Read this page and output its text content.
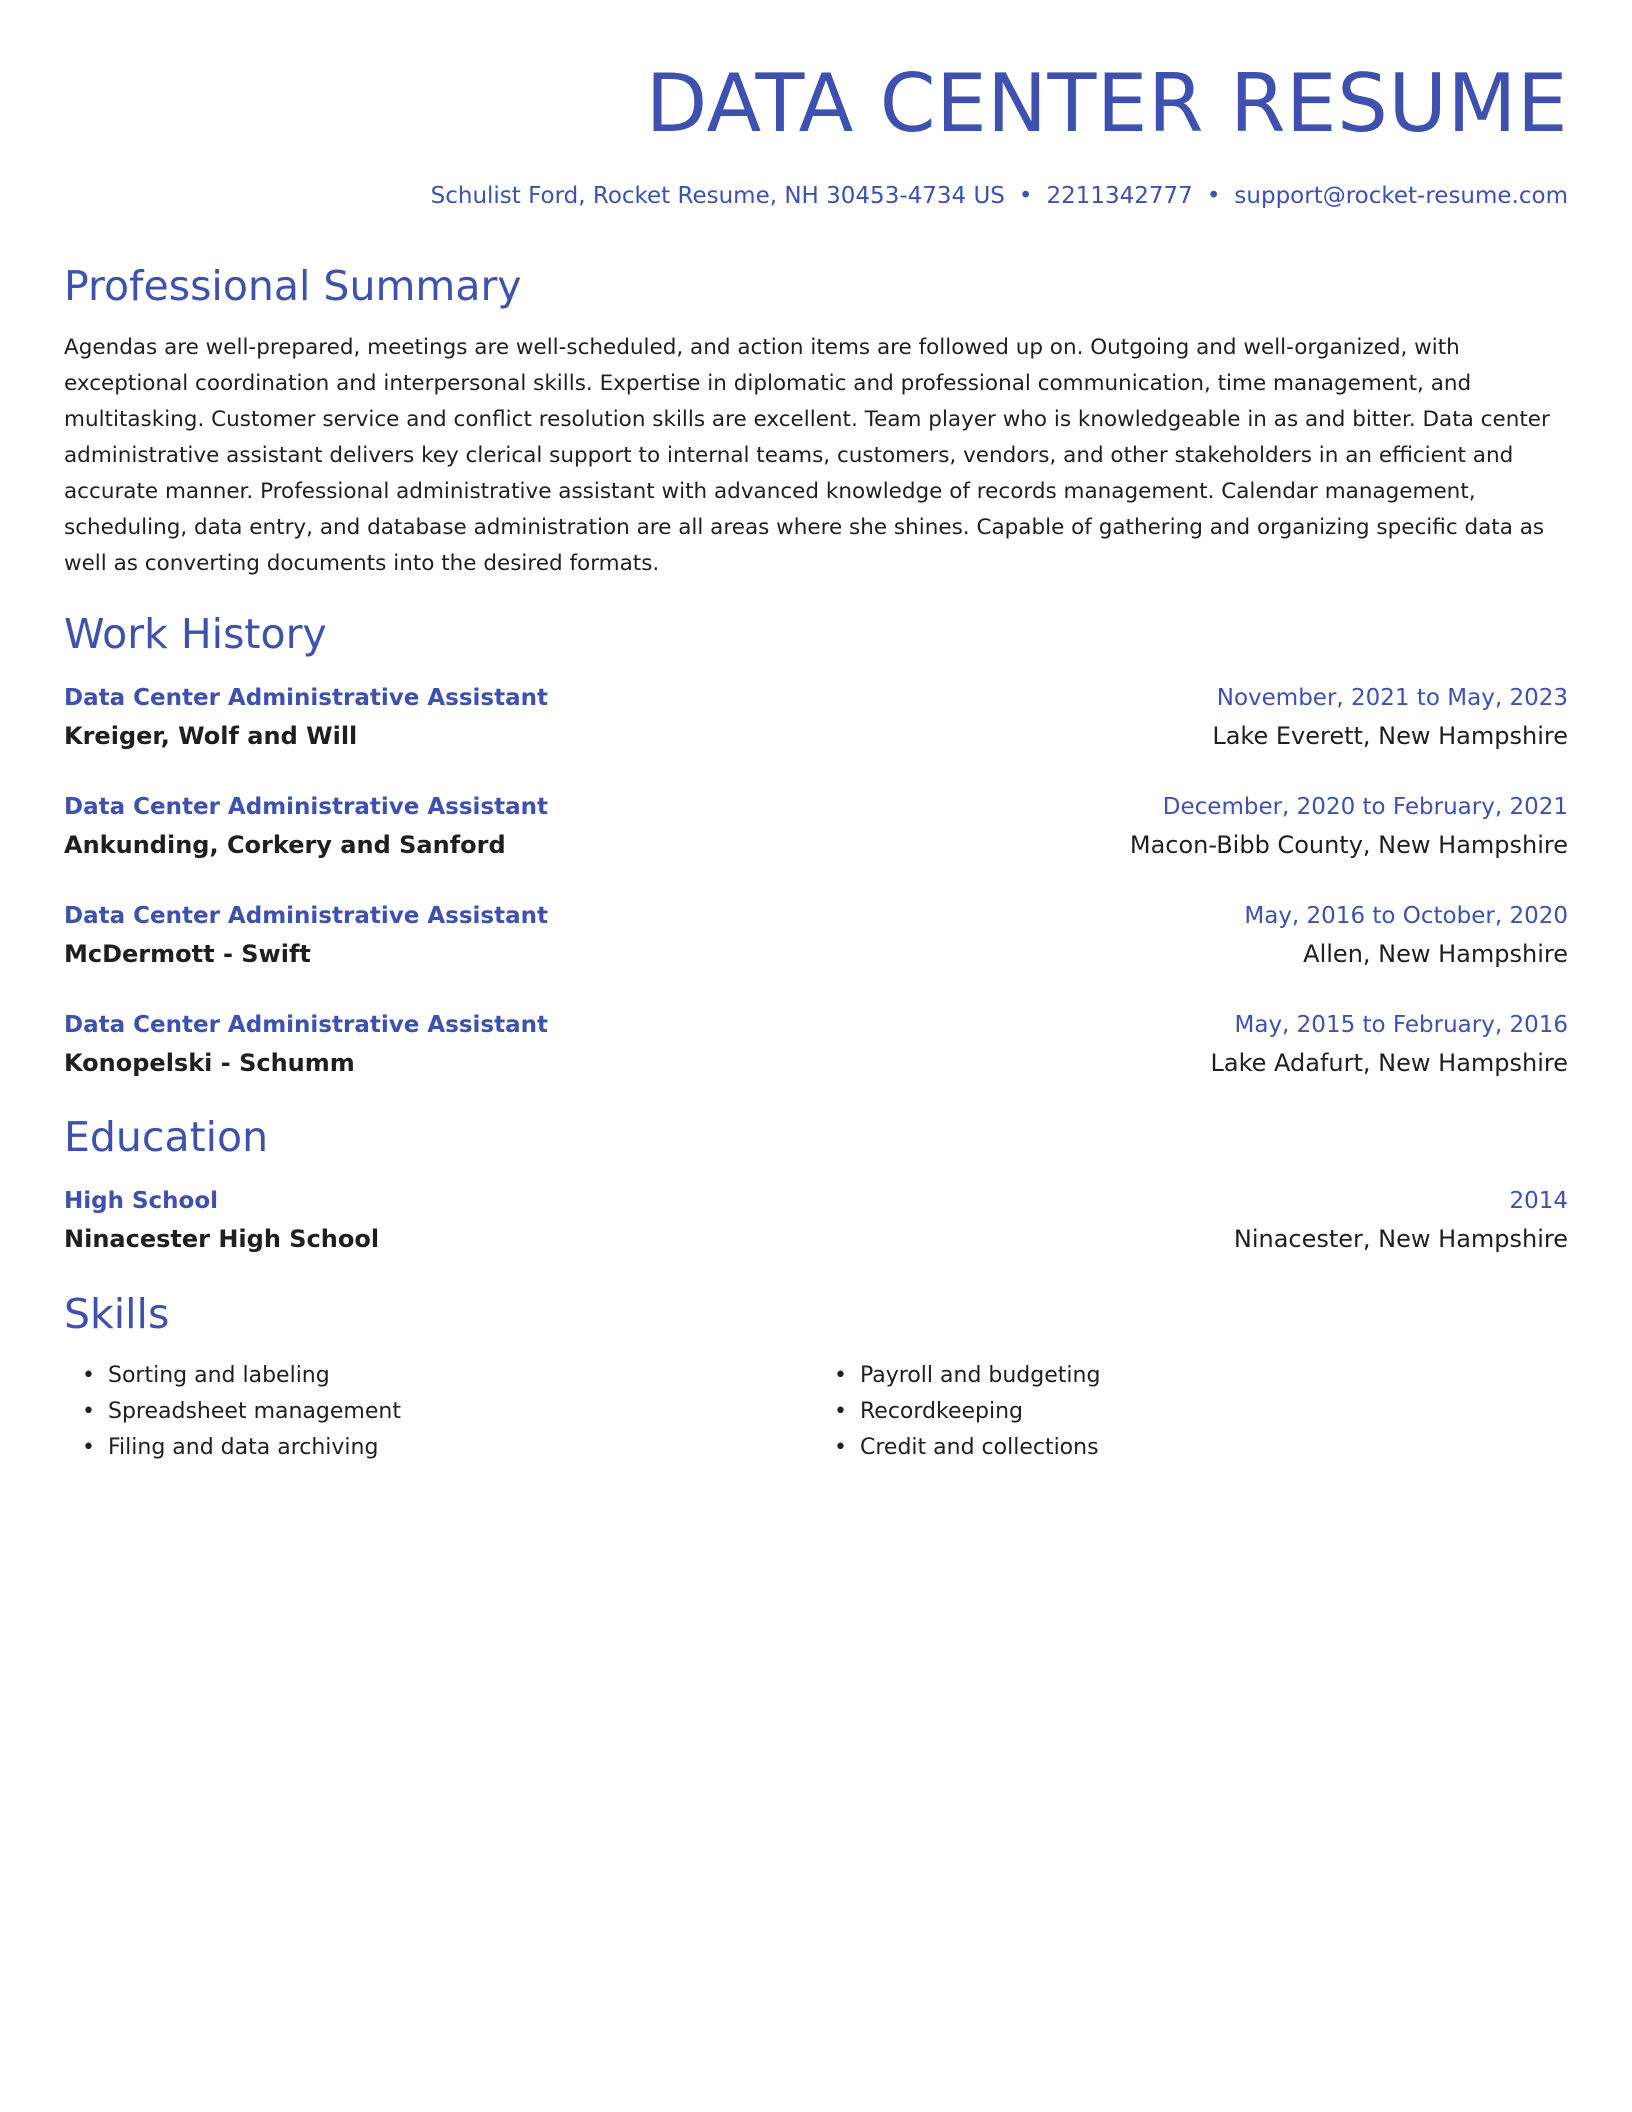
DATA CENTER RESUME
Schulist Ford, Rocket Resume, NH 30453-4734 US • 2211342777 • support@rocket-resume.com
Professional Summary

Agendas are well-prepared, meetings are well-scheduled, and action items are followed up on. Outgoing and well-organized, with exceptional coordination and interpersonal skills. Expertise in diplomatic and professional communication, time management, and multitasking. Customer service and conflict resolution skills are excellent. Team player who is knowledgeable in as and bitter. Data center administrative assistant delivers key clerical support to internal teams, customers, vendors, and other stakeholders in an efficient and accurate manner. Professional administrative assistant with advanced knowledge of records management. Calendar management, scheduling, data entry, and database administration are all areas where she shines. Capable of gathering and organizing specific data as well as converting documents into the desired formats.

Work History
Data Center Administrative Assistant	November, 2021 to May, 2023
Kreiger, Wolf and Will	Lake Everett, New Hampshire
Data Center Administrative Assistant	December, 2020 to February, 2021
Ankunding, Corkery and Sanford	Macon-Bibb County, New Hampshire
Data Center Administrative Assistant	May, 2016 to October, 2020
McDermott - Swift	Allen, New Hampshire
Data Center Administrative Assistant	May, 2015 to February, 2016
Konopelski - Schumm	Lake Adafurt, New Hampshire
Education
High School	2014
Ninacester High School	Ninacester, New Hampshire
Skills
• Sorting and labeling
• Spreadsheet management
• Filing and data archiving
• Payroll and budgeting
• Recordkeeping
• Credit and collections
